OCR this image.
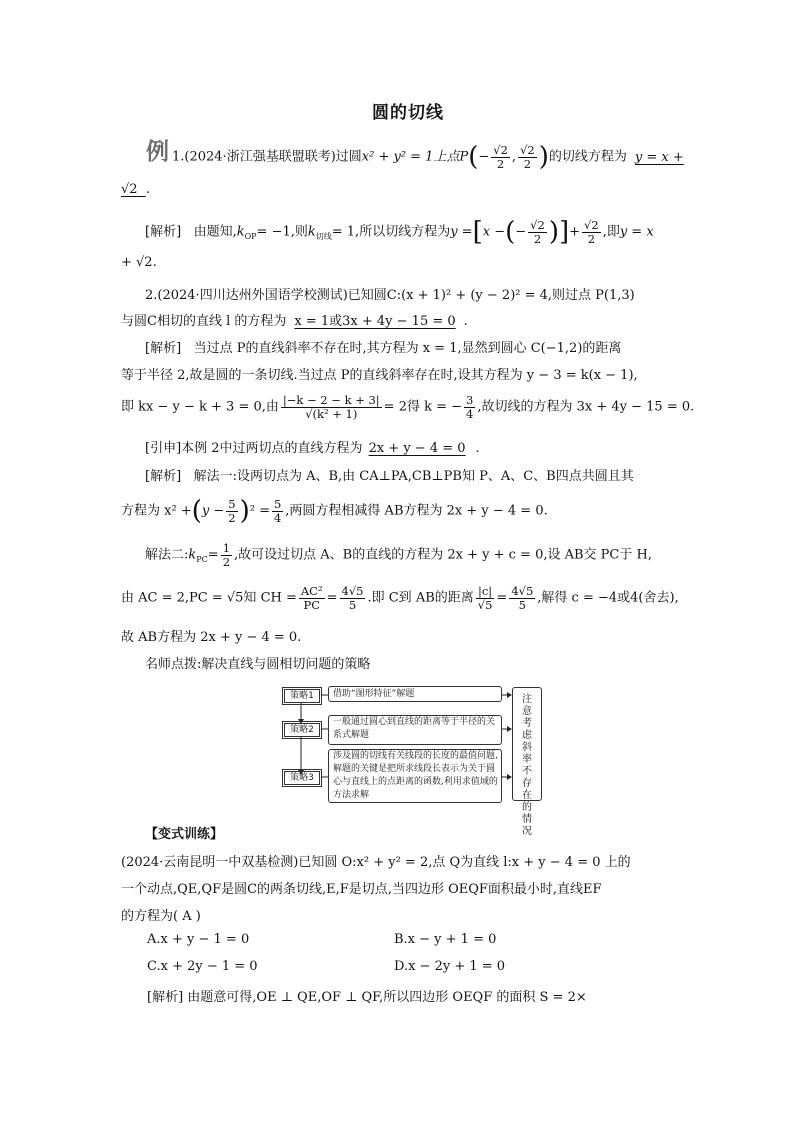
圆的切线
例 1.(2024·浙江强基联盟联考)过圆x² + y² = 1上点$P(- \frac{√2}{2}$ , $\frac{√2}{2}$ )的切线方程为 y = x +
√2 .
[解析] 由题知$,k_{OP}= -1$,则$k_{切线}= 1$,所以切线方程为y =[x −(− $\frac{√2}{2}$ )]+ $\frac{√2}{2}$ ,即y = x
+ √2.
2.(2024·四川达州外国语学校测试)已知圆C:(x + 1)² + (y − 2)² = 4,则过点 P(1,3)
与圆C相切的直线 l 的方程为 x = 1或3x + 4y − 15 = 0 .
[解析] 当过点 P的直线斜率不存在时,其方程为 x = 1,显然到圆心 C(−1,2)的距离
等于半径 2,故是圆的一条切线.当过点 P的直线斜率存在时,设其方程为 y − 3 = k(x − 1),
即 kx − y − k + 3 = 0,由 $\frac{|-k - 2 - k + 3|}{\text{√(k² + 1)}} = 2$得 k = − $\frac{3}{4}$ ,故切线的方程为 3x + 4y − 15 = 0.
[引申]本例 2中过两切点的直线方程为 2x + y − 4 = 0 .
[解析] 解法一:设两切点为 A、B,由 CA⊥PA,CB⊥PB知 P、A、C、B四点共圆且其
方程为 $x^2 +(y - \frac{5}{2} )^2 = \frac{5}{4}$ ,两圆方程相减得 AB方程为 2x + y − 4 = 0.
解法二$:k_{PC}= \frac{1}{2}$ ,故可设过切点 A、B的直线的方程为 2x + y + c = 0,设 AB交 PC于 H,
由 AC = 2,PC = √5知 CH = $\frac{\text{AC²}}{PC} = \frac{4√5}{5}$ .即 C到 AB的距离 $\frac{|c|}{√5} = \frac{4√5}{5}$ ,解得 c = −4或4(舍去),
故 AB方程为 2x + y − 4 = 0.
名师点拨:解决直线与圆相切问题的策略
策略1
策略2
策略3
借助“图形特征”解题
一般通过圆心到直线的距离等于半径的关系式解题
涉及圆的切线有关线段的长度的最值问题,解题的关键是把所求线段长表示为关于圆心与直线上的点距离的函数,利用求值域的方法求解
注意考虑斜率不存在的情况
【变式训练】
(2024·云南昆明一中双基检测)已知圆 O:x² + y² = 2,点 Q为直线 l:x + y − 4 = 0 上的
一个动点,QE,QF是圆C的两条切线,E,F是切点,当四边形 OEQF面积最小时,直线EF
的方程为( A )
A.x + y − 1 = 0	B.x − y + 1 = 0
C.x + 2y − 1 = 0	D.x − 2y + 1 = 0
[解析] 由题意可得,OE ⊥ QE,OF ⊥ QF,所以四边形 OEQF 的面积 S = 2×
